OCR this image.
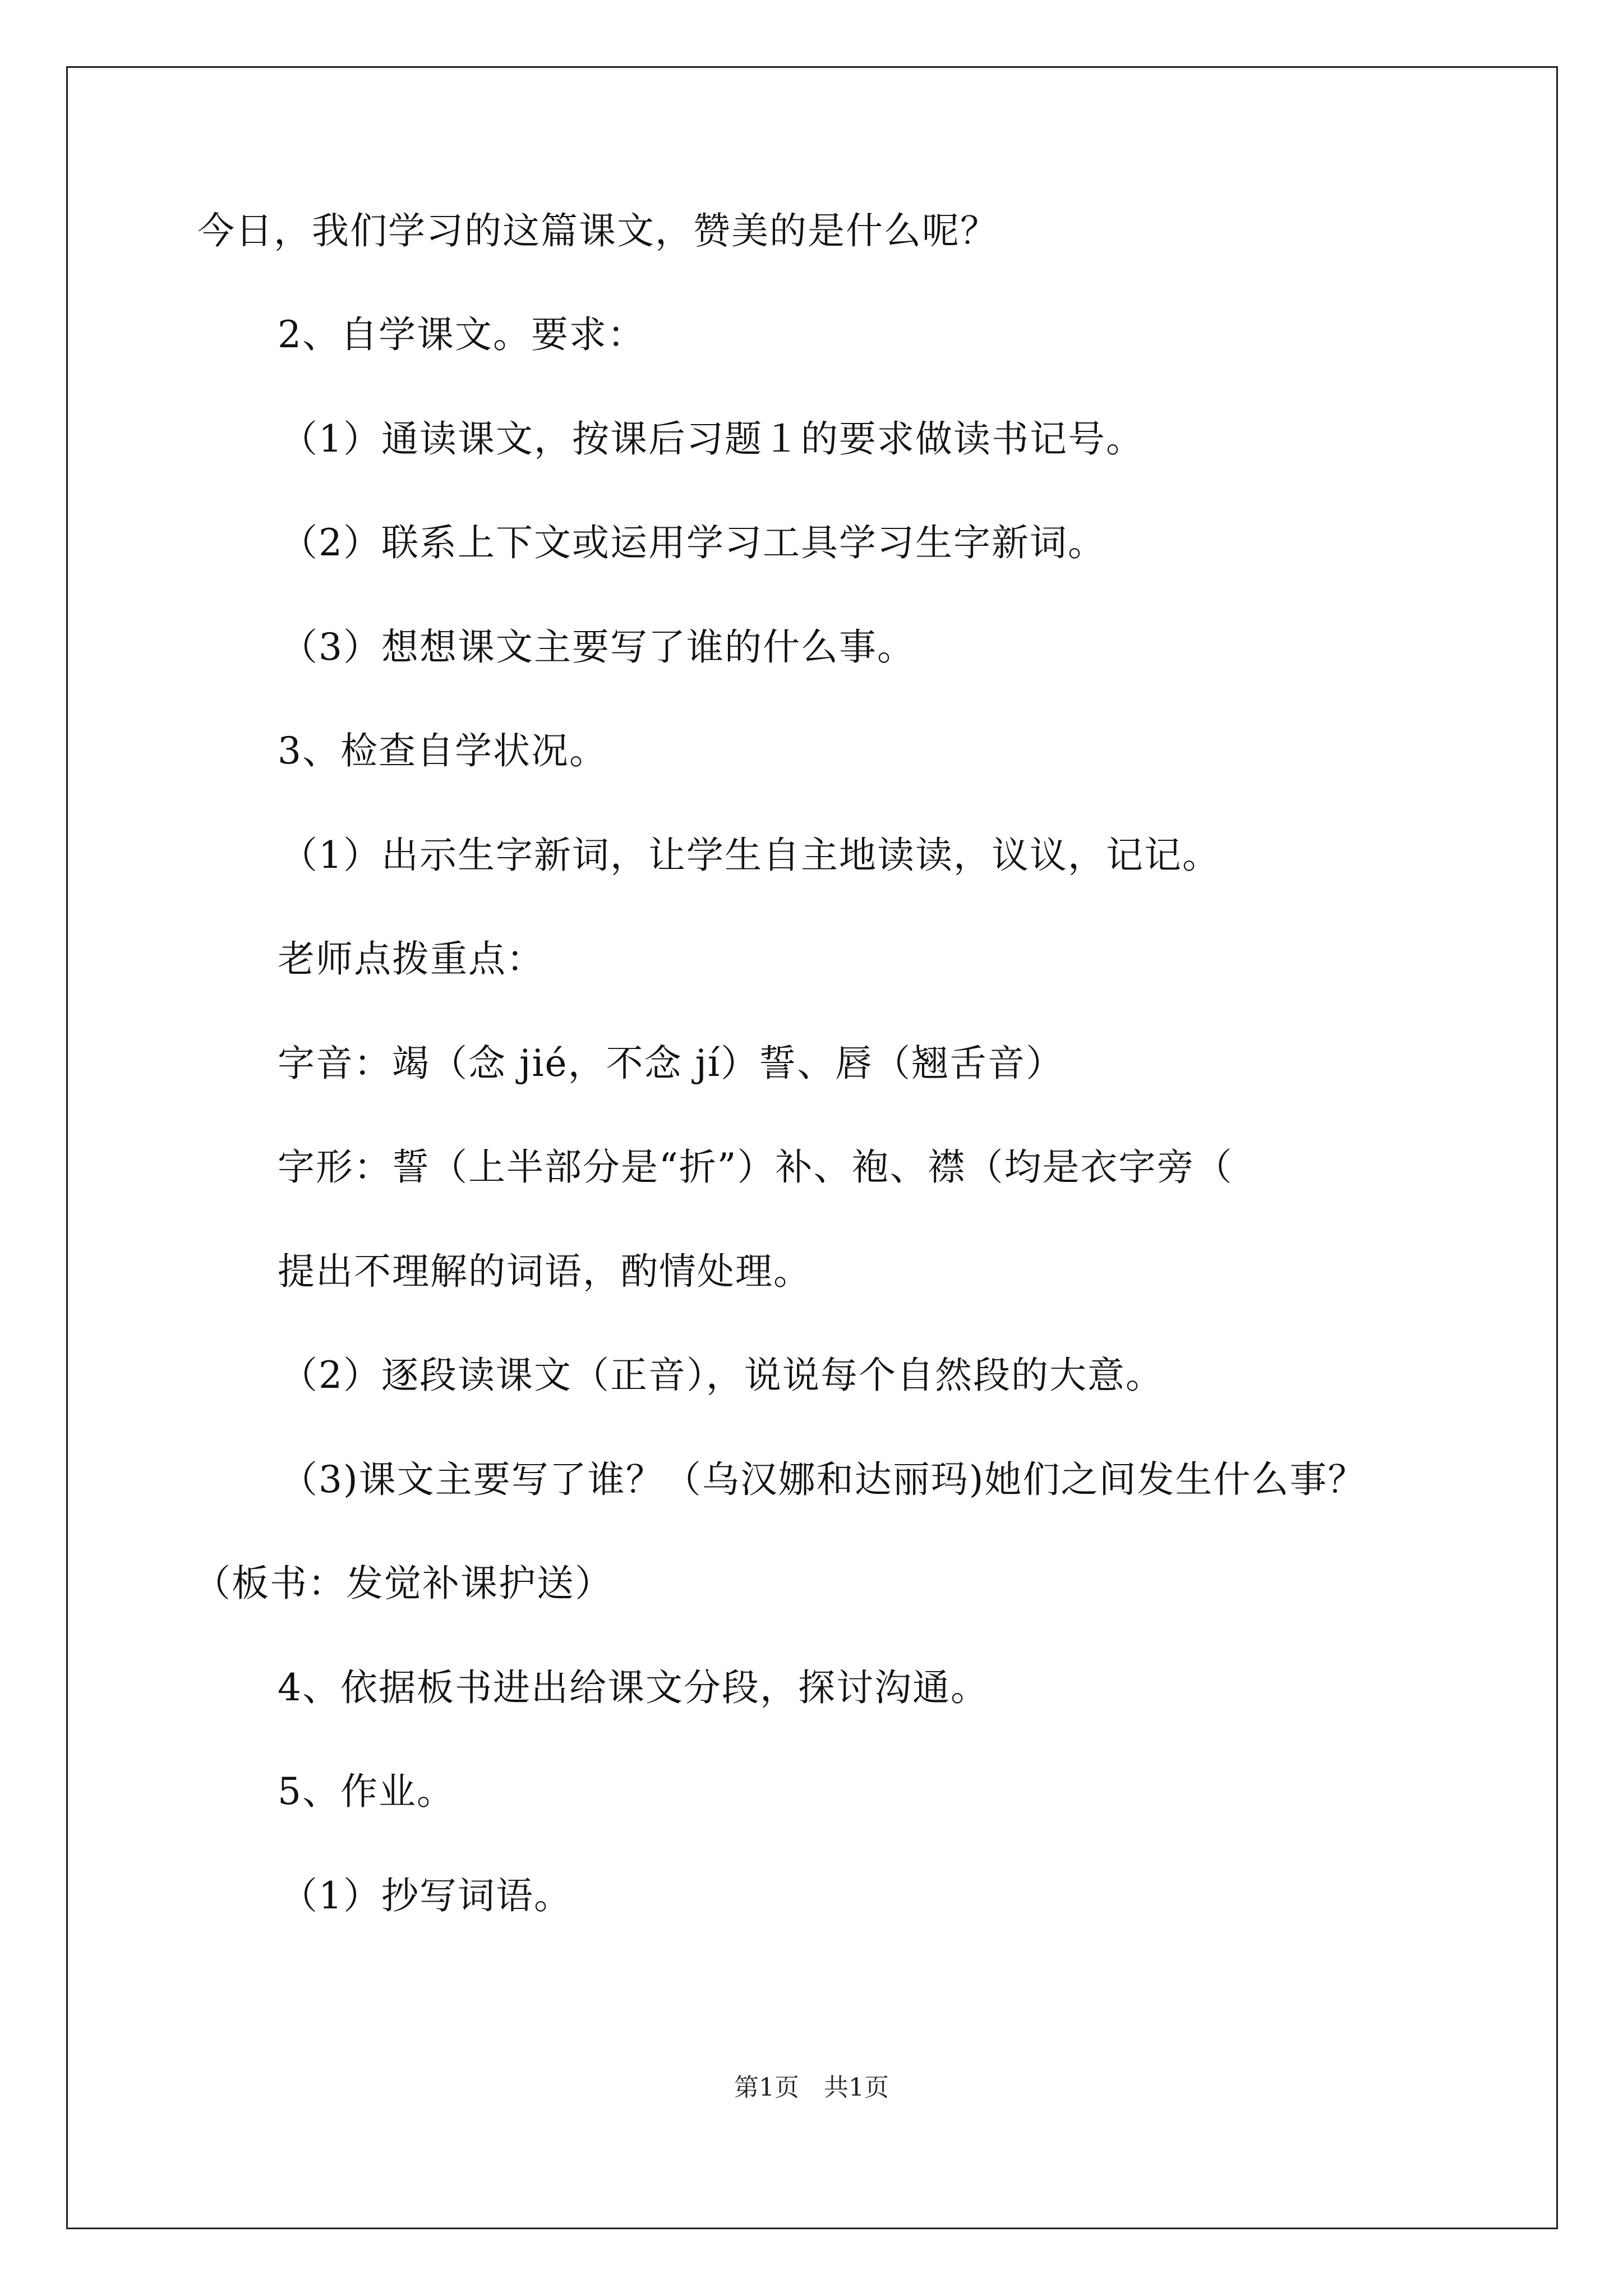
今日，我们学习的这篇课文，赞美的是什么呢？
2、自学课文。要求：
（1）通读课文，按课后习题１的要求做读书记号。
（2）联系上下文或运用学习工具学习生字新词。
（3）想想课文主要写了谁的什么事。
3、检查自学状况。
（1）出示生字新词，让学生自主地读读，议议，记记。
老师点拨重点：
字音：竭（念 jié，不念 jí）誓、唇（翘舌音）
字形：誓（上半部分是“折”）补、袍、襟（均是衣字旁（
提出不理解的词语，酌情处理。
（2）逐段读课文（正音），说说每个自然段的大意。
（3)课文主要写了谁？（乌汉娜和达丽玛)她们之间发生什么事？
（板书：发觉补课护送）
4、依据板书进出给课文分段，探讨沟通。
5、作业。
（1）抄写词语。
第1页　共1页
